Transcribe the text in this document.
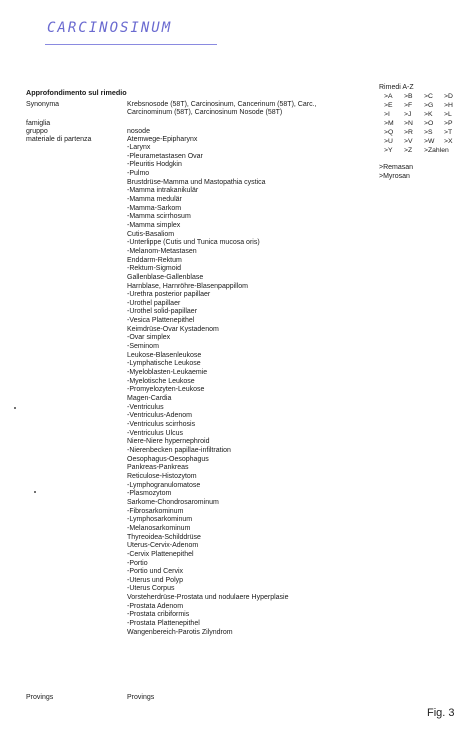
CARCINOSINUM
Approfondimento sul rimedio
Synonyma	Krebsnosode (58T), Carcinosinum, Cancerinum (58T), Carc.,
Carcinominum (58T), Carcinosinum Nosode (58T)
famiglia
gruppo	nosode
materiale di partenza	Atemwege-Epipharynx
-Larynx
-Pleurametastasen Ovar
-Pleuritis Hodgkin
-Pulmo
Brustdrüse-Mamma und Mastopathia cystica
-Mamma intrakanikulär
-Mamma medulär
-Mamma-Sarkom
-Mamma scirrhosum
-Mamma simplex
Cutis-Basaliom
-Unterlippe (Cutis und Tunica mucosa oris)
-Melanom-Metastasen
Enddarm-Rektum
-Rektum-Sigmoid
Gallenblase-Gallenblase
Harnblase, Harnröhre-Blasenpappillom
-Urethra posterior papillaer
-Urothel papillaer
-Urothel solid-papillaer
-Vesica Plattenepithel
Keimdrüse-Ovar Kystadenom
-Ovar simplex
-Seminom
Leukose-Blasenleukose
-Lymphatische Leukose
-Myeloblasten-Leukaemie
-Myelotische Leukose
-Promyelozyten-Leukose
Magen-Cardia
-Ventriculus
-Ventriculus-Adenom
-Ventriculus scirrhosis
-Ventriculus Ulcus
Niere-Niere hypernephroid
-Nierenbecken papillae-infiltration
Oesophagus-Oesophagus
Pankreas-Pankreas
Reticulose-Histozytom
-Lymphogranulomatose
-Plasmozytom
Sarkome-Chondrosarominum
-Fibrosarkominum
-Lymphosarkominum
-Melanosarkominum
Thyreoidea-Schilddrüse
Uterus-Cervix-Adenom
-Cervix Plattenepithel
-Portio
-Portio und Cervix
-Uterus und Polyp
-Uterus Corpus
Vorsteherdrüse-Prostata und nodulaere Hyperplasie
-Prostata Adenom
-Prostata cribiformis
-Prostata Plattenepithel
Wangenbereich-Parotis Zilyndrom
Rimedi A-Z
>A	>B	>C	>D
>E	>F	>G	>H
>I	>J	>K	>L
>M	>N	>O	>P
>Q	>R	>S	>T
>U	>V	>W	>X
>Y	>Z	>Zahlen
>Remasan
>Myrosan
Provings	Provings
Fig. 3
